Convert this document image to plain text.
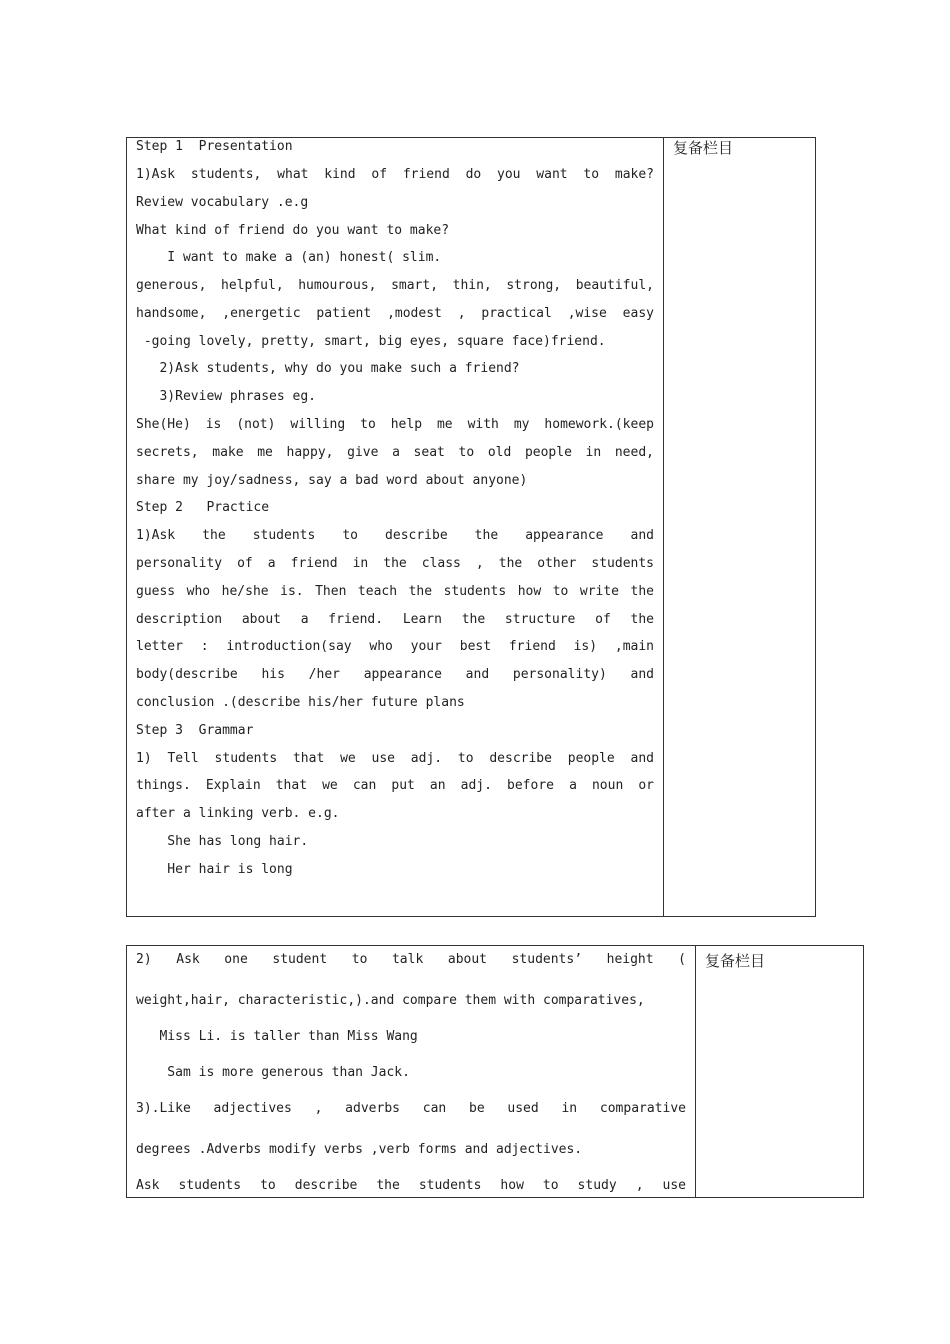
Step 1  Presentation
1)Ask students, what kind of friend do you want to make?
Review vocabulary .e.g
What kind of friend do you want to make?
I want to make a (an) honest( slim.
generous, helpful, humourous, smart, thin, strong, beautiful,
handsome, ,energetic patient ,modest , practical ,wise easy
-going lovely, pretty, smart, big eyes, square face)friend.
2)Ask students, why do you make such a friend?
3)Review phrases eg.
She(He) is (not) willing to help me with my homework.(keep
secrets, make me happy, give a seat to old people in need,
share my joy/sadness, say a bad word about anyone)
Step 2   Practice
1)Ask the students to describe the appearance and
personality of a friend in the class , the other students
guess who he/she is. Then teach the students how to write the
description about a friend. Learn the structure of the
letter : introduction(say who your best friend is) ,main
body(describe his /her appearance and personality) and
conclusion .(describe his/her future plans
Step 3  Grammar
1) Tell students that we use adj. to describe people and
things. Explain that we can put an adj. before a noun or
after a linking verb. e.g.
She has long hair.
Her hair is long
复备栏目
2) Ask one student to talk about students’ height (
weight,hair, characteristic,).and compare them with comparatives,
Miss Li. is taller than Miss Wang
Sam is more generous than Jack.
3).Like adjectives , adverbs can be used in comparative
degrees .Adverbs modify verbs ,verb forms and adjectives.
Ask students to describe the students how to study , use
复备栏目
